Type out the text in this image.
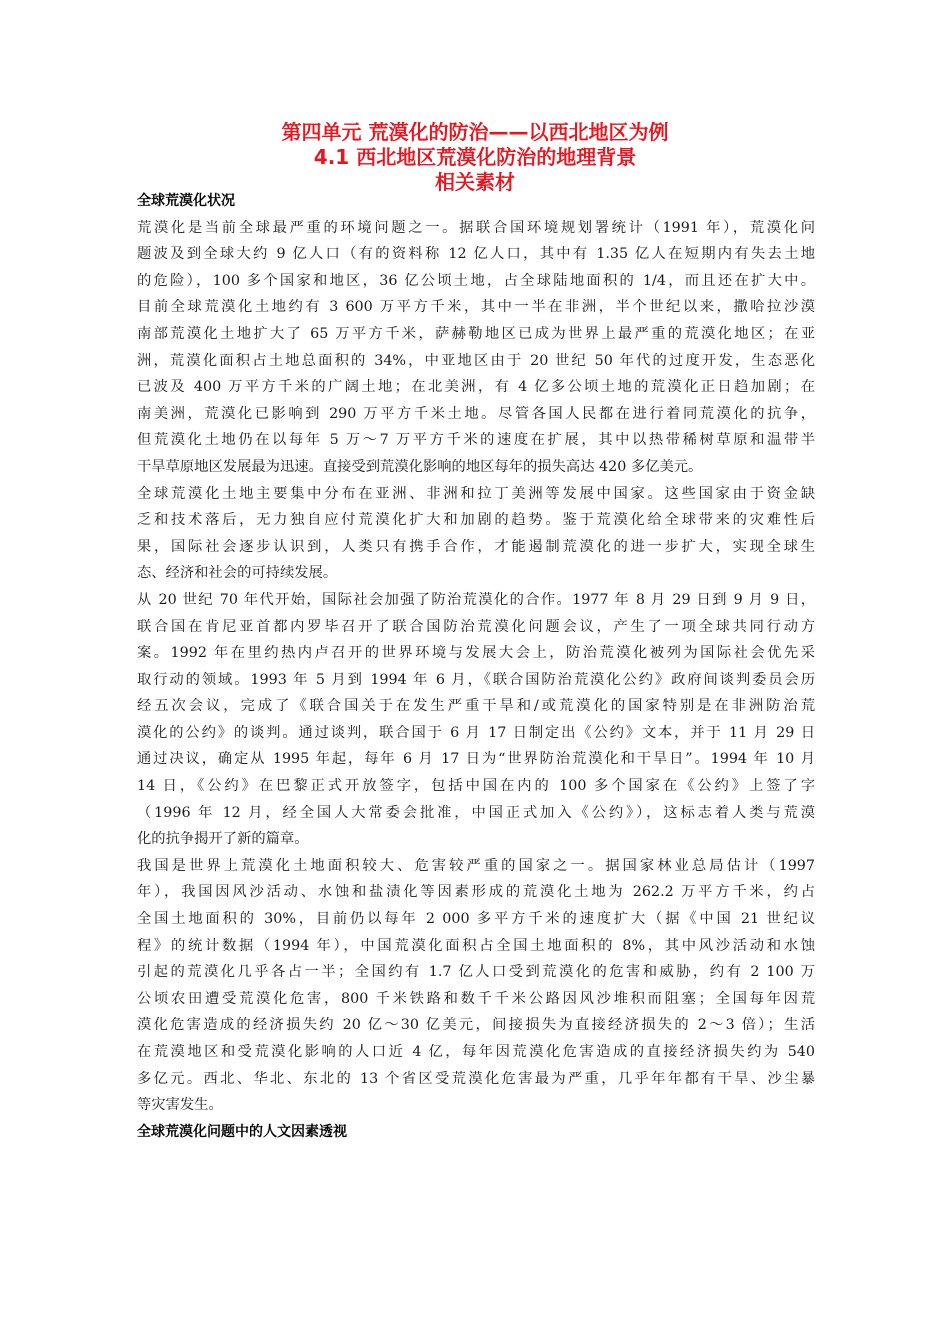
第四单元 荒漠化的防治——以西北地区为例
4.1 西北地区荒漠化防治的地理背景
相关素材
全球荒漠化状况
荒漠化是当前全球最严重的环境问题之一。据联合国环境规划署统计（1991 年），荒漠化问
题波及到全球大约 9 亿人口（有的资料称 12 亿人口，其中有 1.35 亿人在短期内有失去土地
的危险），100 多个国家和地区，36 亿公顷土地，占全球陆地面积的 1/4，而且还在扩大中。
目前全球荒漠化土地约有 3 600 万平方千米，其中一半在非洲，半个世纪以来，撒哈拉沙漠
南部荒漠化土地扩大了 65 万平方千米，萨赫勒地区已成为世界上最严重的荒漠化地区；在亚
洲，荒漠化面积占土地总面积的 34%，中亚地区由于 20 世纪 50 年代的过度开发，生态恶化
已波及 400 万平方千米的广阔土地；在北美洲，有 4 亿多公顷土地的荒漠化正日趋加剧；在
南美洲，荒漠化已影响到 290 万平方千米土地。尽管各国人民都在进行着同荒漠化的抗争，
但荒漠化土地仍在以每年 5 万～7 万平方千米的速度在扩展，其中以热带稀树草原和温带半
干旱草原地区发展最为迅速。直接受到荒漠化影响的地区每年的损失高达 420 多亿美元。
全球荒漠化土地主要集中分布在亚洲、非洲和拉丁美洲等发展中国家。这些国家由于资金缺
乏和技术落后，无力独自应付荒漠化扩大和加剧的趋势。鉴于荒漠化给全球带来的灾难性后
果，国际社会逐步认识到，人类只有携手合作，才能遏制荒漠化的进一步扩大，实现全球生
态、经济和社会的可持续发展。
从 20 世纪 70 年代开始，国际社会加强了防治荒漠化的合作。1977 年 8 月 29 日到 9 月 9 日，
联合国在肯尼亚首都内罗毕召开了联合国防治荒漠化问题会议，产生了一项全球共同行动方
案。1992 年在里约热内卢召开的世界环境与发展大会上，防治荒漠化被列为国际社会优先采
取行动的领域。1993 年 5 月到 1994 年 6 月，《联合国防治荒漠化公约》政府间谈判委员会历
经五次会议，完成了《联合国关于在发生严重干旱和/或荒漠化的国家特别是在非洲防治荒
漠化的公约》的谈判。通过谈判，联合国于 6 月 17 日制定出《公约》文本，并于 11 月 29 日
通过决议，确定从 1995 年起，每年 6 月 17 日为“世界防治荒漠化和干旱日”。1994 年 10 月
14 日，《公约》在巴黎正式开放签字，包括中国在内的 100 多个国家在《公约》上签了字
（1996 年 12 月，经全国人大常委会批准，中国正式加入《公约》），这标志着人类与荒漠
化的抗争揭开了新的篇章。
我国是世界上荒漠化土地面积较大、危害较严重的国家之一。据国家林业总局估计（1997
年），我国因风沙活动、水蚀和盐渍化等因素形成的荒漠化土地为 262.2 万平方千米，约占
全国土地面积的 30%，目前仍以每年 2 000 多平方千米的速度扩大（据《中国 21 世纪议
程》的统计数据（1994 年），中国荒漠化面积占全国土地面积的 8%，其中风沙活动和水蚀
引起的荒漠化几乎各占一半；全国约有 1.7 亿人口受到荒漠化的危害和威胁，约有 2 100 万
公顷农田遭受荒漠化危害，800 千米铁路和数千千米公路因风沙堆积而阻塞；全国每年因荒
漠化危害造成的经济损失约 20 亿～30 亿美元，间接损失为直接经济损失的 2～3 倍）；生活
在荒漠地区和受荒漠化影响的人口近 4 亿，每年因荒漠化危害造成的直接经济损失约为 540
多亿元。西北、华北、东北的 13 个省区受荒漠化危害最为严重，几乎年年都有干旱、沙尘暴
等灾害发生。
全球荒漠化问题中的人文因素透视
